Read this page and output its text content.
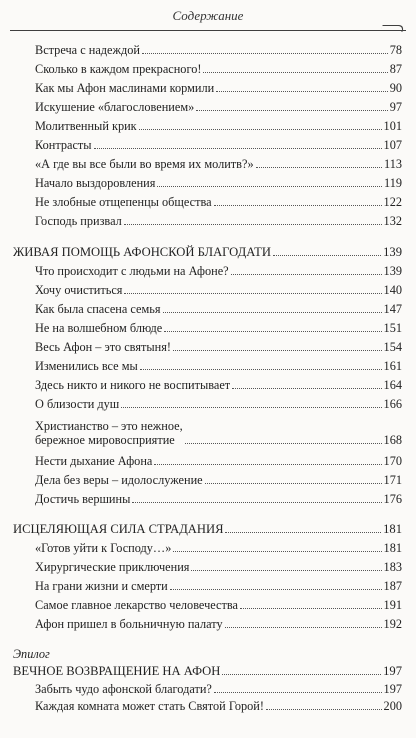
Содержание
Встреча с надеждой	78
Сколько в каждом прекрасного!	87
Как мы Афон маслинами кормили	90
Искушение «благословением»	97
Молитвенный крик	101
Контрасты	107
«А где вы все были во время их молитв?»	113
Начало выздоровления	119
Не злобные отщепенцы общества	122
Господь призвал	132
ЖИВАЯ ПОМОЩЬ АФОНСКОЙ БЛАГОДАТИ	139
Что происходит с людьми на Афоне?	139
Хочу очиститься	140
Как была спасена семья	147
Не на волшебном блюде	151
Весь Афон – это святыня!	154
Изменились все мы	161
Здесь никто и никого не воспитывает	164
О близости душ	166
Христианство – это нежное,
бережное мировосприятие	168
Нести дыхание Афона	170
Дела без веры – идолослужение	171
Достичь вершины	176
ИСЦЕЛЯЮЩАЯ СИЛА СТРАДАНИЯ	181
«Готов уйти к Господу…»	181
Хирургические приключения	183
На грани жизни и смерти	187
Самое главное лекарство человечества	191
Афон пришел в больничную палату	192
Эпилог
ВЕЧНОЕ ВОЗВРАЩЕНИЕ НА АФОН	197
Забыть чудо афонской благодати?	197
Каждая комната может стать Святой Горой!	200
